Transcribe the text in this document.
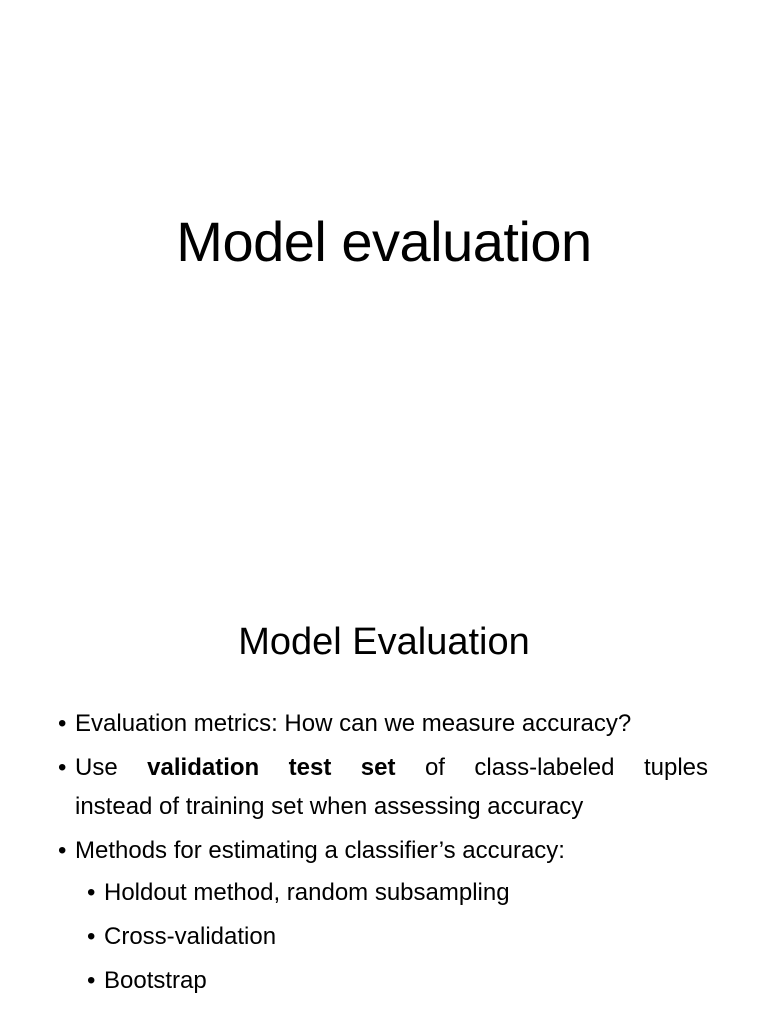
Model evaluation
Model Evaluation
• Evaluation metrics: How can we measure accuracy?
• Use validation test set of class-labeled tuples
instead of training set when assessing accuracy
• Methods for estimating a classifier’s accuracy:
• Holdout method, random subsampling
• Cross-validation
• Bootstrap
